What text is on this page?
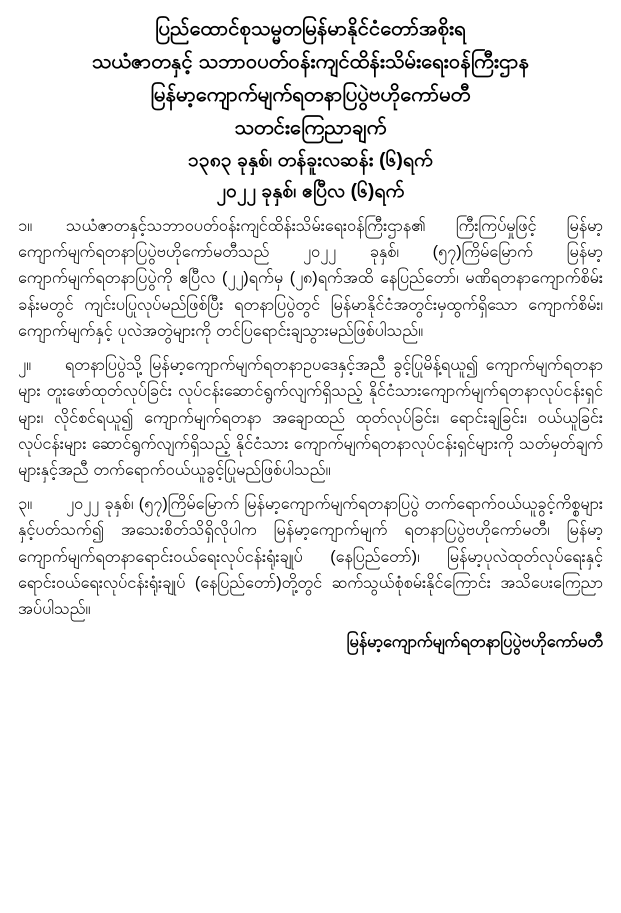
ပြည်ထောင်စုသမ္မတမြန်မာနိုင်ငံတော်အစိုးရ
သယံဇာတနှင့် သဘာဝပတ်ဝန်းကျင်ထိန်းသိမ်းရေးဝန်ကြီးဌာန
မြန်မာ့ကျောက်မျက်ရတနာပြပွဲဗဟိုကော်မတီ
သတင်းကြေညာချက်
၁၃၈၃ ခုနှစ်၊ တန်ခူးလဆန်း (၆)ရက်
၂၀၂၂ ခုနှစ်၊ ဧပြီလ (၆)ရက်

၁။ သယံဇာတနှင့်သဘာဝပတ်ဝန်းကျင်ထိန်းသိမ်းရေးဝန်ကြီးဌာန၏ ကြီးကြပ်မှုဖြင့် မြန်မာ့ကျောက်မျက်ရတနာပြပွဲဗဟိုကော်မတီသည် ၂၀၂၂ ခုနှစ်၊ (၅၇)ကြိမ်မြောက် မြန်မာ့ကျောက်မျက်ရတနာပြပွဲကို ဧပြီလ (၂၂)ရက်မှ (၂၈)ရက်အထိ နေပြည်တော်၊ မဏိရတနာကျောက်စိမ်းခန်းမတွင် ကျင်းပပြုလုပ်မည်ဖြစ်ပြီး ရတနာပြပွဲတွင် မြန်မာနိုင်ငံအတွင်းမှထွက်ရှိသော ကျောက်စိမ်း၊ ကျောက်မျက်နှင့် ပုလဲအတွဲများကို တင်ပြရောင်းချသွားမည်ဖြစ်ပါသည်။

၂။ ရတနာပြပွဲသို့ မြန်မာ့ကျောက်မျက်ရတနာဥပဒေနှင့်အညီ ခွင့်ပြုမိန့်ရယူ၍ ကျောက်မျက်ရတနာများ တူးဖော်ထုတ်လုပ်ခြင်း လုပ်ငန်းဆောင်ရွက်လျက်ရှိသည့် နိုင်ငံသားကျောက်မျက်ရတနာလုပ်ငန်းရှင်များ၊ လိုင်စင်ရယူ၍ ကျောက်မျက်ရတနာ အချောထည် ထုတ်လုပ်ခြင်း၊ ရောင်းချခြင်း၊ ဝယ်ယူခြင်းလုပ်ငန်းများ ဆောင်ရွက်လျက်ရှိသည့် နိုင်ငံသား ကျောက်မျက်ရတနာလုပ်ငန်းရှင်များကို သတ်မှတ်ချက်များနှင့်အညီ တက်ရောက်ဝယ်ယူခွင့်ပြုမည်ဖြစ်ပါသည်။

၃။ ၂၀၂၂ ခုနှစ်၊ (၅၇)ကြိမ်မြောက် မြန်မာ့ကျောက်မျက်ရတနာပြပွဲ တက်ရောက်ဝယ်ယူခွင့်ကိစ္စများနှင့်ပတ်သက်၍ အသေးစိတ်သိရှိလိုပါက မြန်မာ့ကျောက်မျက် ရတနာပြပွဲဗဟိုကော်မတီ၊ မြန်မာ့ကျောက်မျက်ရတနာရောင်းဝယ်ရေးလုပ်ငန်းရုံးချုပ် (နေပြည်တော်)၊ မြန်မာ့ပုလဲထုတ်လုပ်ရေးနှင့် ရောင်းဝယ်ရေးလုပ်ငန်းရုံးချုပ် (နေပြည်တော်)တို့တွင် ဆက်သွယ်စုံစမ်းနိုင်ကြောင်း အသိပေးကြေညာအပ်ပါသည်။

မြန်မာ့ကျောက်မျက်ရတနာပြပွဲဗဟိုကော်မတီ
